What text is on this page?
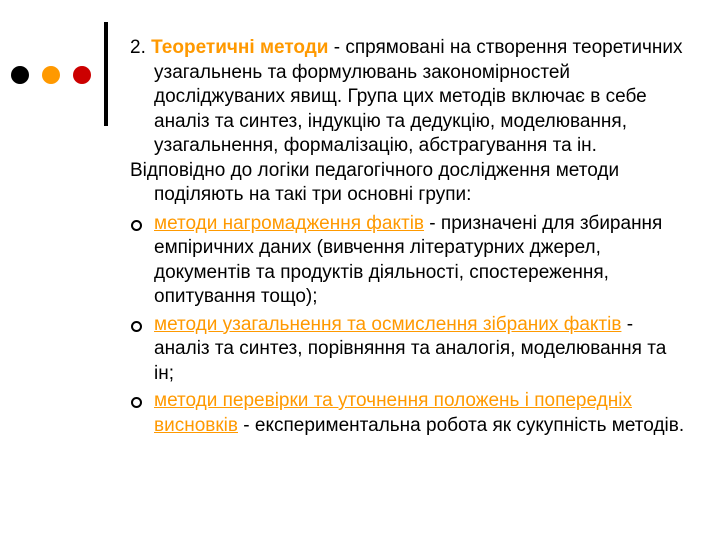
2. Теоретичні методи - спрямовані на створення теоретичних узагальнень та формулювань закономірностей досліджуваних явищ. Група цих методів включає в себе аналіз та синтез, індукцію та дедукцію, моделювання, узагальнення, формалізацію, абстрагування та ін.
Відповідно до логіки педагогічного дослідження методи поділяють на такі три основні групи:
методи нагромадження фактів - призначені для збирання емпіричних даних (вивчення літературних джерел, документів та продуктів діяльності, спостереження, опитування тощо);
методи узагальнення та осмислення зібраних фактів - аналіз та синтез, порівняння та аналогія, моделювання та ін;
методи перевірки та уточнення положень і попередніх висновків - експериментальна робота як сукупність методів.
